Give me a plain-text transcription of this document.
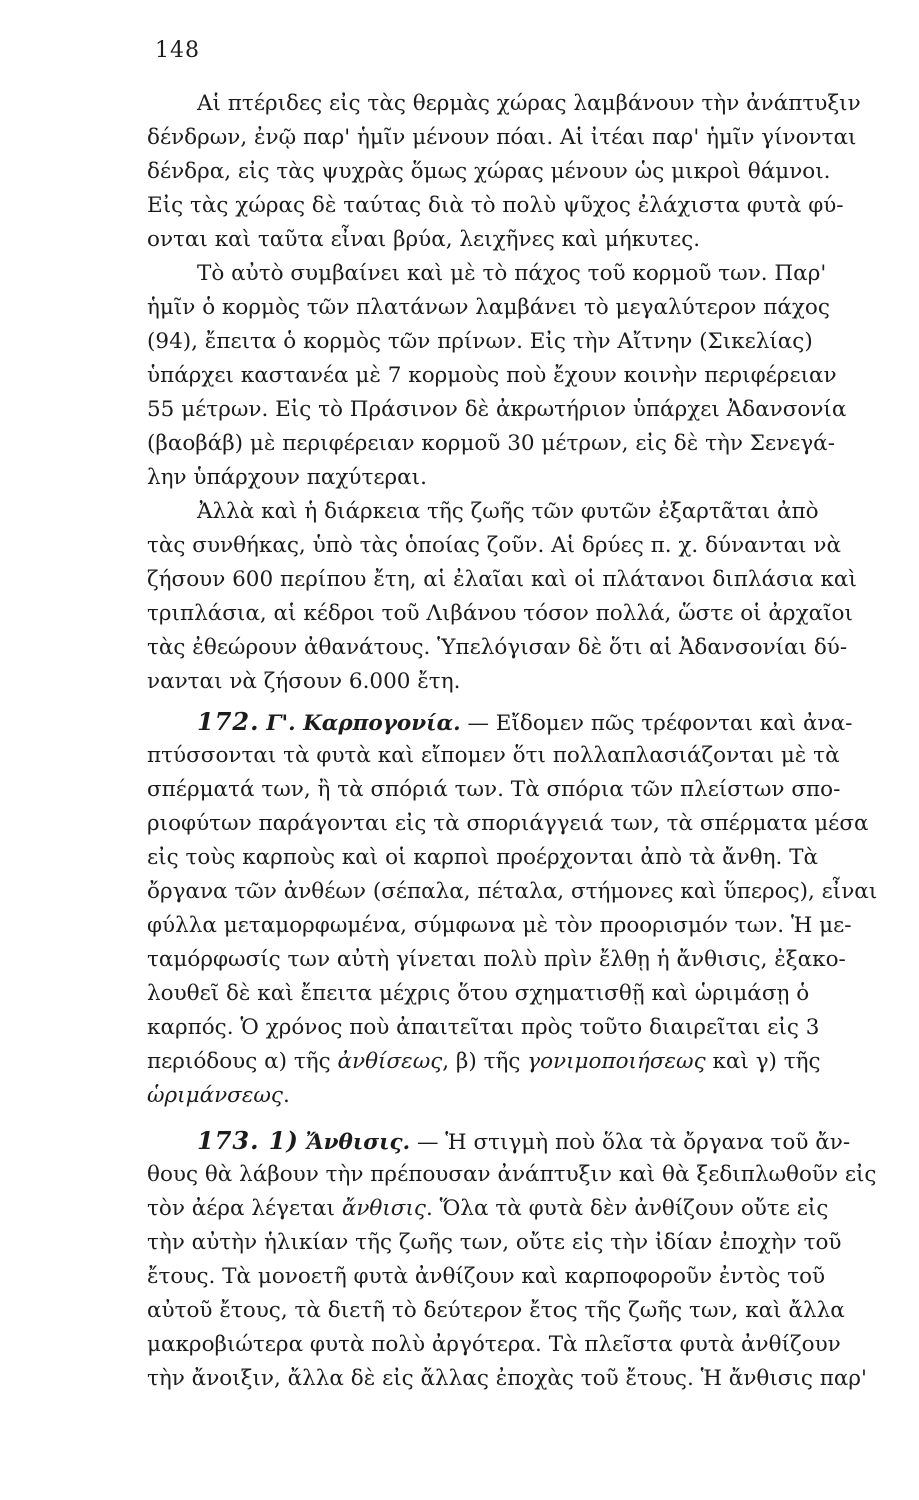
148
Αἱ πτέριδες εἰς τὰς θερμὰς χώρας λαμβάνουν τὴν ἀνάπτυξιν
δένδρων, ἐνῷ παρ' ἡμῖν μένουν πόαι. Αἱ ἰτέαι παρ' ἡμῖν γίνονται
δένδρα, εἰς τὰς ψυχρὰς ὅμως χώρας μένουν ὡς μικροὶ θάμνοι.
Εἰς τὰς χώρας δὲ ταύτας διὰ τὸ πολὺ ψῦχος ἐλάχιστα φυτὰ φύ-
ονται καὶ ταῦτα εἶναι βρύα, λειχῆνες καὶ μήκυτες.
Τὸ αὐτὸ συμβαίνει καὶ μὲ τὸ πάχος τοῦ κορμοῦ των. Παρ'
ἡμῖν ὁ κορμὸς τῶν πλατάνων λαμβάνει τὸ μεγαλύτερον πάχος
(94), ἔπειτα ὁ κορμὸς τῶν πρίνων. Εἰς τὴν Αἴτνην (Σικελίας)
ὑπάρχει καστανέα μὲ 7 κορμοὺς ποὺ ἔχουν κοινὴν περιφέρειαν
55 μέτρων. Εἰς τὸ Πράσινον δὲ ἀκρωτήριον ὑπάρχει Ἀδανσονία
(βαοβάβ) μὲ περιφέρειαν κορμοῦ 30 μέτρων, εἰς δὲ τὴν Σενεγά-
λην ὑπάρχουν παχύτεραι.
Ἀλλὰ καὶ ἡ διάρκεια τῆς ζωῆς τῶν φυτῶν ἐξαρτᾶται ἀπὸ
τὰς συνθήκας, ὑπὸ τὰς ὁποίας ζοῦν. Αἱ δρύες π. χ. δύνανται νὰ
ζήσουν 600 περίπου ἔτη, αἱ ἐλαῖαι καὶ οἱ πλάτανοι διπλάσια καὶ
τριπλάσια, αἱ κέδροι τοῦ Λιβάνου τόσον πολλά, ὥστε οἱ ἀρχαῖοι
τὰς ἐθεώρουν ἀθανάτους. Ὑπελόγισαν δὲ ὅτι αἱ Ἀδανσονίαι δύ-
νανται νὰ ζήσουν 6.000 ἔτη.
172. Γ'. Καρπογονία. — Εἴδομεν πῶς τρέφονται καὶ ἀνα-
πτύσσονται τὰ φυτὰ καὶ εἴπομεν ὅτι πολλαπλασιάζονται μὲ τὰ
σπέρματά των, ἢ τὰ σπόριά των. Τὰ σπόρια τῶν πλείστων σπο-
ριοφύτων παράγονται εἰς τὰ σποριάγγειά των, τὰ σπέρματα μέσα
εἰς τοὺς καρποὺς καὶ οἱ καρποὶ προέρχονται ἀπὸ τὰ ἄνθη. Τὰ
ὄργανα τῶν ἀνθέων (σέπαλα, πέταλα, στήμονες καὶ ὕπερος), εἶναι
φύλλα μεταμορφωμένα, σύμφωνα μὲ τὸν προορισμόν των. Ἡ με-
ταμόρφωσίς των αὐτὴ γίνεται πολὺ πρὶν ἔλθῃ ἡ ἄνθισις, ἐξακο-
λουθεῖ δὲ καὶ ἔπειτα μέχρις ὅτου σχηματισθῇ καὶ ὡριμάσῃ ὁ
καρπός. Ὁ χρόνος ποὺ ἀπαιτεῖται πρὸς τοῦτο διαιρεῖται εἰς 3
περιόδους α) τῆς ἀνθίσεως, β) τῆς γονιμοποιήσεως καὶ γ) τῆς
ὡριμάνσεως.
173. 1) Ἄνθισις. — Ἡ στιγμὴ ποὺ ὅλα τὰ ὄργανα τοῦ ἄν-
θους θὰ λάβουν τὴν πρέπουσαν ἀνάπτυξιν καὶ θὰ ξεδιπλωθοῦν εἰς
τὸν ἀέρα λέγεται ἄνθισις. Ὅλα τὰ φυτὰ δὲν ἀνθίζουν οὔτε εἰς
τὴν αὐτὴν ἡλικίαν τῆς ζωῆς των, οὔτε εἰς τὴν ἰδίαν ἐποχὴν τοῦ
ἔτους. Τὰ μονοετῆ φυτὰ ἀνθίζουν καὶ καρποφοροῦν ἐντὸς τοῦ
αὐτοῦ ἔτους, τὰ διετῆ τὸ δεύτερον ἔτος τῆς ζωῆς των, καὶ ἄλλα
μακροβιώτερα φυτὰ πολὺ ἀργότερα. Τὰ πλεῖστα φυτὰ ἀνθίζουν
τὴν ἄνοιξιν, ἄλλα δὲ εἰς ἄλλας ἐποχὰς τοῦ ἔτους. Ἡ ἄνθισις παρ'
